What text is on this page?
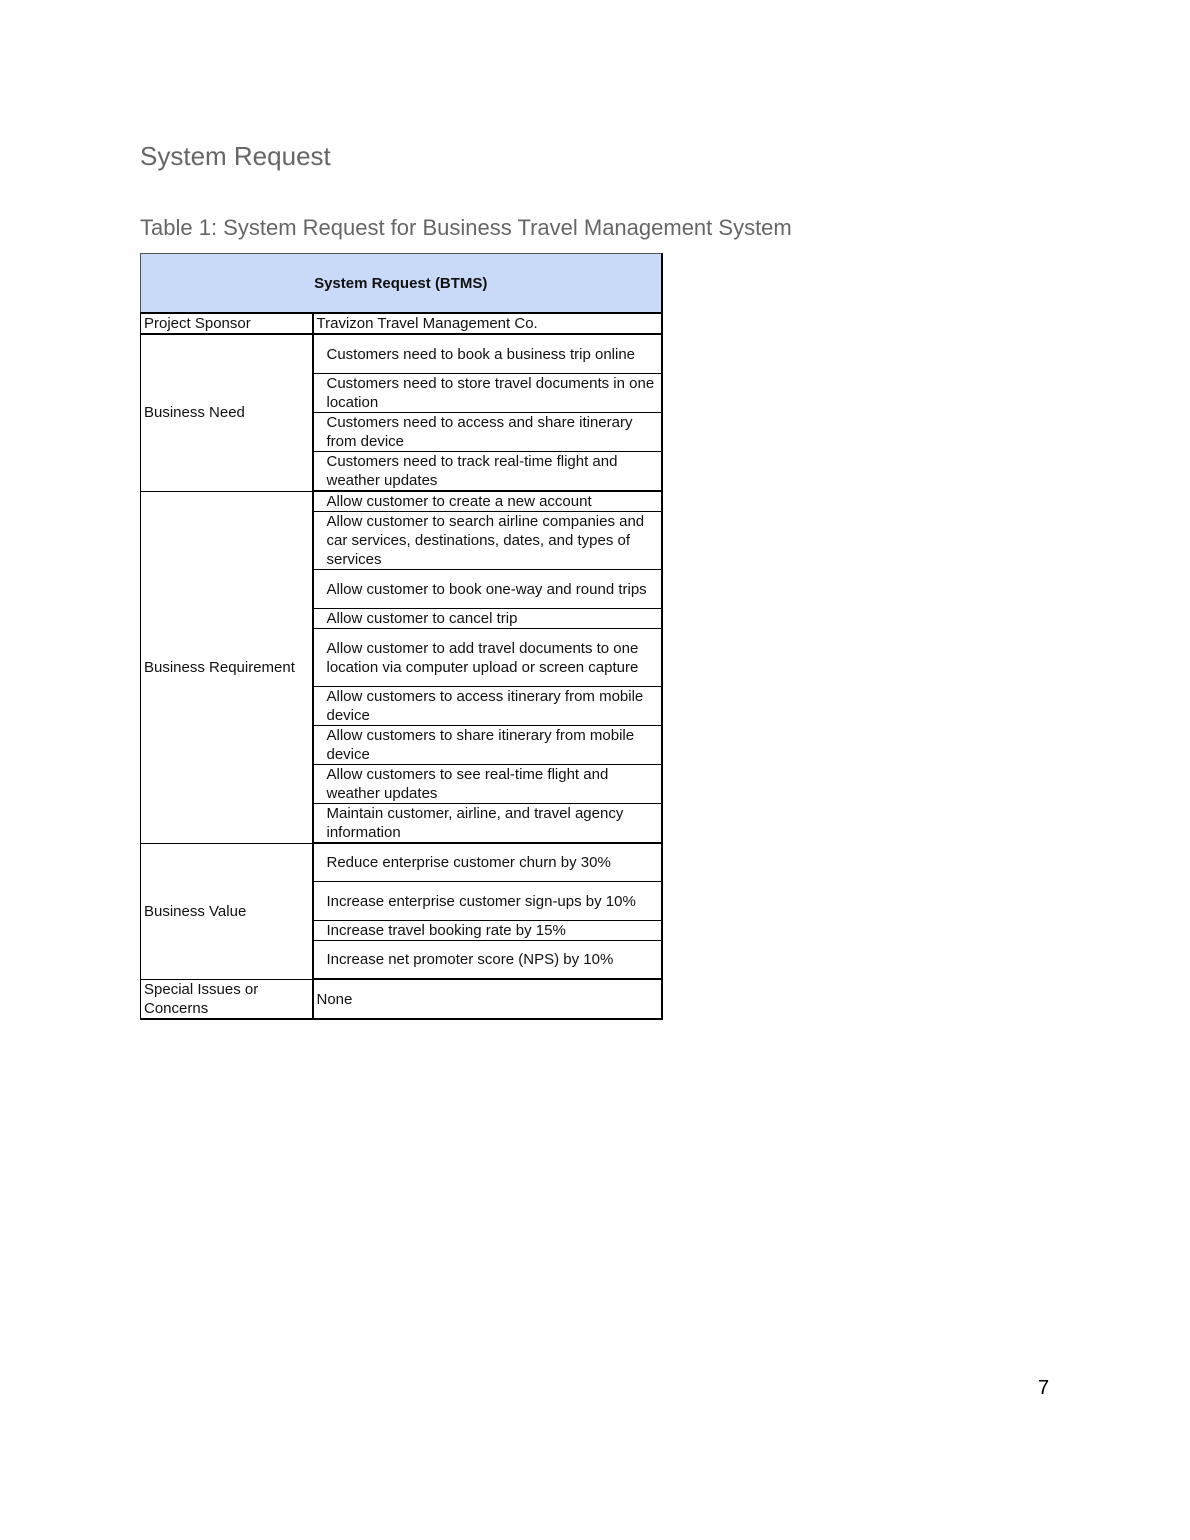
System Request
Table 1: System Request for Business Travel Management System
System Request (BTMS)	
Project Sponsor	Travizon Travel Management Co.
Business Need	Customers need to book a business trip online
	Customers need to store travel documents in one location
	Customers need to access and share itinerary from device
	Customers need to track real-time flight and weather updates
Business Requirement	Allow customer to create a new account
	Allow customer to search airline companies and car services, destinations, dates, and types of services
	Allow customer to book one-way and round trips
	Allow customer to cancel trip
	Allow customer to add travel documents to one location via computer upload or screen capture
	Allow customers to access itinerary from mobile device
	Allow customers to share itinerary from mobile device
	Allow customers to see real-time flight and weather updates
	Maintain customer, airline, and travel agency information
Business Value	Reduce enterprise customer churn by 30%
	Increase enterprise customer sign-ups by 10%
	Increase travel booking rate by 15%
	Increase net promoter score (NPS) by 10%
Special Issues or Concerns	None
7
